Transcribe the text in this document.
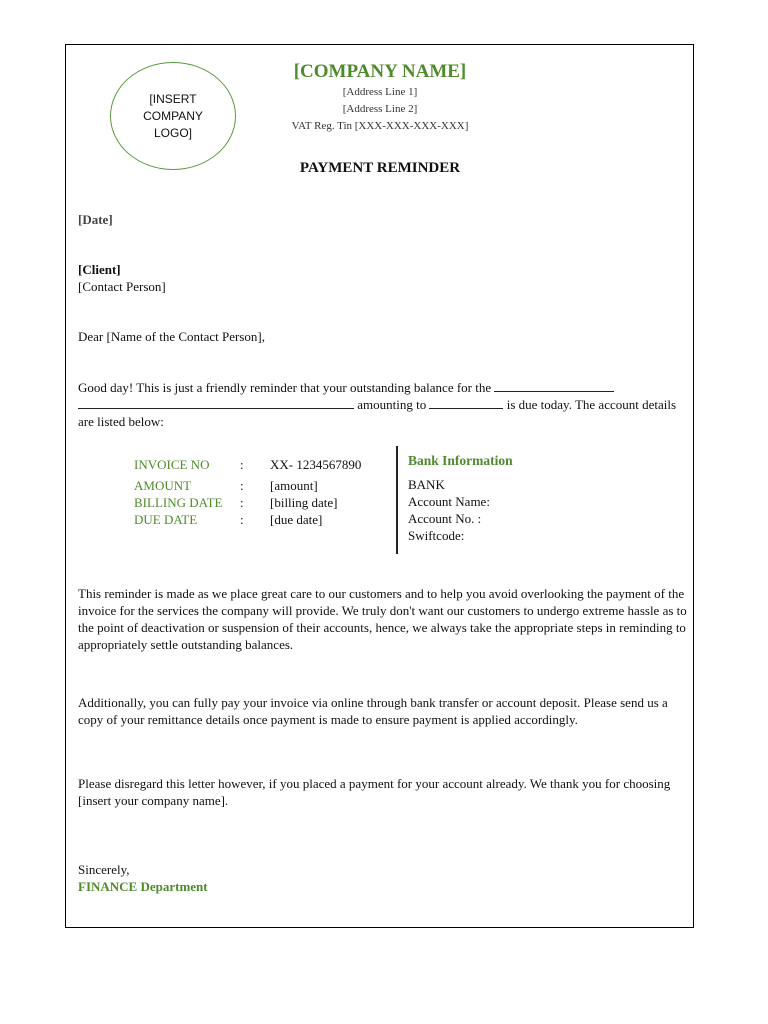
[INSERT
COMPANY
LOGO]
[COMPANY NAME]
[Address Line 1]
[Address Line 2]
VAT Reg. Tin [XXX-XXX-XXX-XXX]
PAYMENT REMINDER
[Date]
[Client]
[Contact Person]
Dear [Name of the Contact Person],
Good day! This is just a friendly reminder that your outstanding balance for the
amounting to	is due today. The account details are listed below:
INVOICE NO	:	XX- 1234567890
AMOUNT	:	[amount]
BILLING DATE	:	[billing date]
DUE DATE	:	[due date]
Bank Information
BANK
Account Name:
Account No. :
Swiftcode:
This reminder is made as we place great care to our customers and to help you avoid overlooking the payment of the invoice for the services the company will provide. We truly don't want our customers to undergo extreme hassle as to the point of deactivation or suspension of their accounts, hence, we always take the appropriate steps in reminding to appropriately settle outstanding balances.
Additionally, you can fully pay your invoice via online through bank transfer or account deposit. Please send us a copy of your remittance details once payment is made to ensure payment is applied accordingly.
Please disregard this letter however, if you placed a payment for your account already. We thank you for choosing [insert your company name].
Sincerely,
FINANCE Department
